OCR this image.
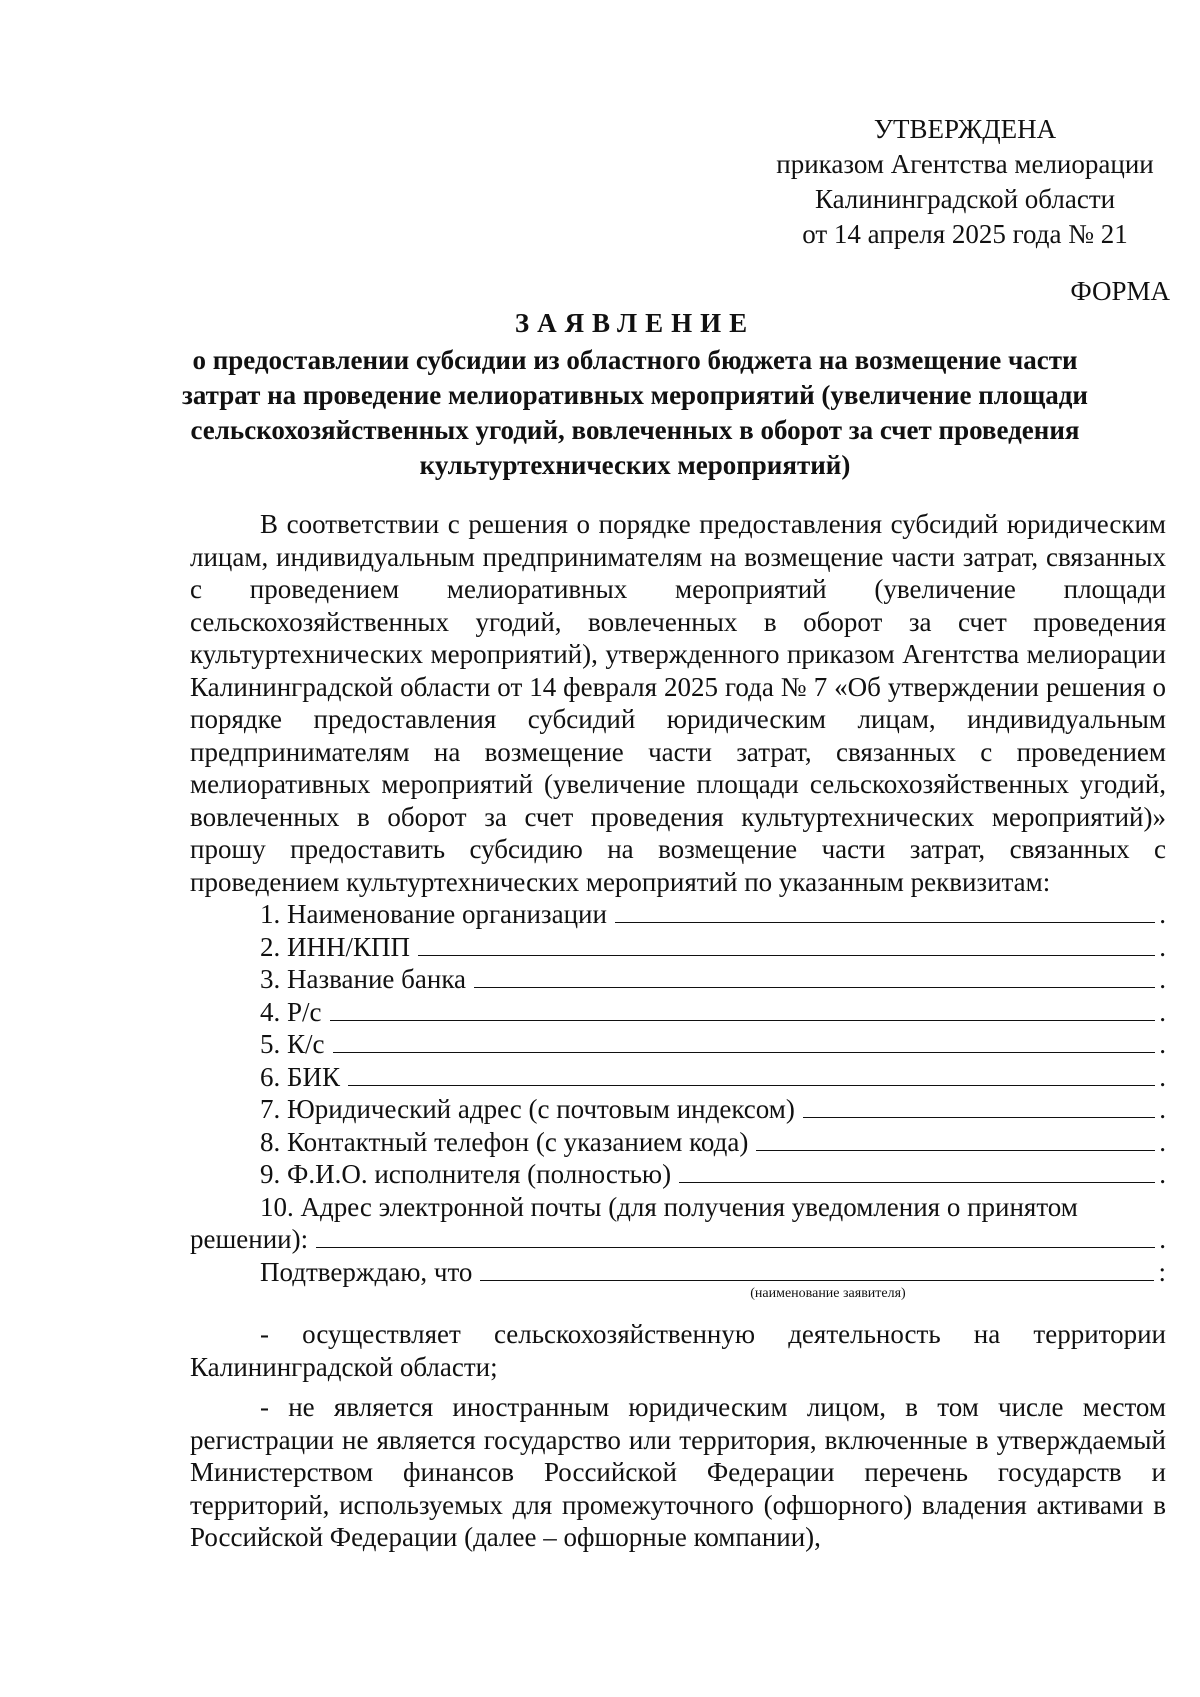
УТВЕРЖДЕНА
приказом Агентства мелиорации
Калининградской области
от 14 апреля 2025 года № 21
ФОРМА
ЗАЯВЛЕНИЕ
о предоставлении субсидии из областного бюджета на возмещение части затрат на проведение мелиоративных мероприятий (увеличение площади сельскохозяйственных угодий, вовлеченных в оборот за счет проведения культуртехнических мероприятий)

В соответствии с решения о порядке предоставления субсидий юридическим лицам, индивидуальным предпринимателям на возмещение части затрат, связанных с проведением мелиоративных мероприятий (увеличение площади сельскохозяйственных угодий, вовлеченных в оборот за счет проведения культуртехнических мероприятий), утвержденного приказом Агентства мелиорации Калининградской области от 14 февраля 2025 года № 7 «Об утверждении решения о порядке предоставления субсидий юридическим лицам, индивидуальным предпринимателям на возмещение части затрат, связанных с проведением мелиоративных мероприятий (увеличение площади сельскохозяйственных угодий, вовлеченных в оборот за счет проведения культуртехнических мероприятий)» прошу предоставить субсидию на возмещение части затрат, связанных с проведением культуртехнических мероприятий по указанным реквизитам:

1. Наименование организации	.
2. ИНН/КПП	.
3. Название банка	.
4. Р/с	.
5. К/с	.
6. БИК	.
7. Юридический адрес (с почтовым индексом)	.
8. Контактный телефон (с указанием кода)	.
9. Ф.И.О. исполнителя (полностью)	.

10. Адрес электронной почты (для получения уведомления о принятом

решении):	.
Подтверждаю, что	:
(наименование заявителя)

- осуществляет сельскохозяйственную деятельность на территории Калининградской области;

- не является иностранным юридическим лицом, в том числе местом регистрации не является государство или территория, включенные в утверждаемый Министерством финансов Российской Федерации перечень государств и территорий, используемых для промежуточного (офшорного) владения активами в Российской Федерации (далее – офшорные компании),
